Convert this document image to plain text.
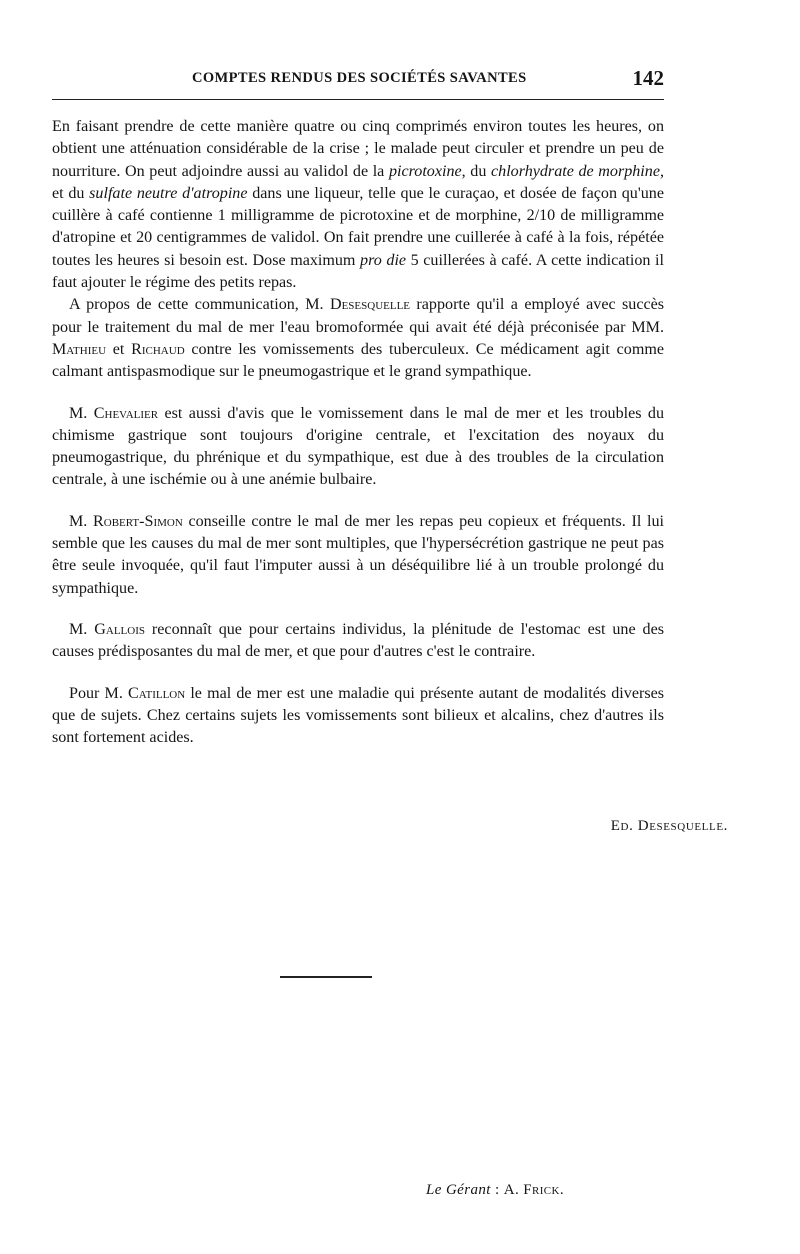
COMPTES RENDUS DES SOCIÉTÉS SAVANTES	142

En faisant prendre de cette manière quatre ou cinq comprimés environ toutes les heures, on obtient une atténuation considérable de la crise ; le malade peut circuler et prendre un peu de nourriture. On peut adjoindre aussi au validol de la picrotoxine, du chlorhydrate de morphine, et du sulfate neutre d'atropine dans une liqueur, telle que le curaçao, et dosée de façon qu'une cuillère à café contienne 1 milligramme de picrotoxine et de morphine, 2/10 de milligramme d'atropine et 20 centigrammes de validol. On fait prendre une cuillerée à café à la fois, répétée toutes les heures si besoin est. Dose maximum pro die 5 cuillerées à café. A cette indication il faut ajouter le régime des petits repas.

A propos de cette communication, M. Desesquelle rapporte qu'il a employé avec succès pour le traitement du mal de mer l'eau bromoformée qui avait été déjà préconisée par MM. Mathieu et Richaud contre les vomissements des tuberculeux. Ce médicament agit comme calmant antispasmodique sur le pneumogastrique et le grand sympathique.

M. Chevalier est aussi d'avis que le vomissement dans le mal de mer et les troubles du chimisme gastrique sont toujours d'origine centrale, et l'excitation des noyaux du pneumogastrique, du phrénique et du sympathique, est due à des troubles de la circulation centrale, à une ischémie ou à une anémie bulbaire.

M. Robert-Simon conseille contre le mal de mer les repas peu copieux et fréquents. Il lui semble que les causes du mal de mer sont multiples, que l'hypersécrétion gastrique ne peut pas être seule invoquée, qu'il faut l'imputer aussi à un déséquilibre lié à un trouble prolongé du sympathique.

M. Gallois reconnaît que pour certains individus, la plénitude de l'estomac est une des causes prédisposantes du mal de mer, et que pour d'autres c'est le contraire.

Pour M. Catillon le mal de mer est une maladie qui présente autant de modalités diverses que de sujets. Chez certains sujets les vomissements sont bilieux et alcalins, chez d'autres ils sont fortement acides.

Ed. Desesquelle.
Le Gérant : A. Frick.
